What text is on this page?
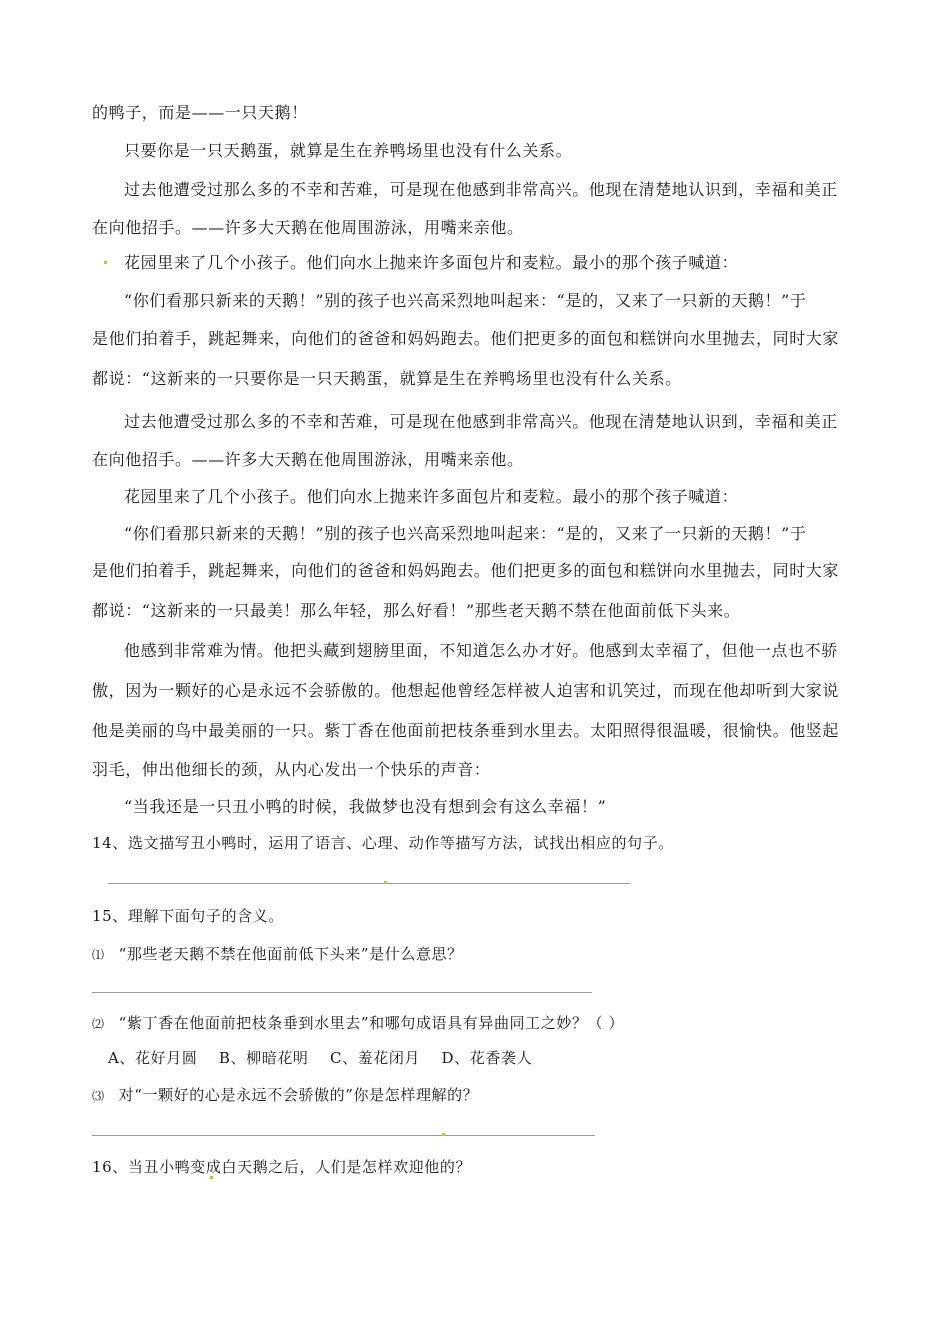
的鸭子，而是——一只天鹅！
只要你是一只天鹅蛋，就算是生在养鸭场里也没有什么关系。
过去他遭受过那么多的不幸和苦难，可是现在他感到非常高兴。他现在清楚地认识到，幸福和美正
在向他招手。——许多大天鹅在他周围游泳，用嘴来亲他。
花园里来了几个小孩子。他们向水上抛来许多面包片和麦粒。最小的那个孩子喊道：
“你们看那只新来的天鹅！”别的孩子也兴高采烈地叫起来：“是的，又来了一只新的天鹅！”于
是他们拍着手，跳起舞来，向他们的爸爸和妈妈跑去。他们把更多的面包和糕饼向水里抛去，同时大家
都说：“这新来的一只要你是一只天鹅蛋，就算是生在养鸭场里也没有什么关系。
过去他遭受过那么多的不幸和苦难，可是现在他感到非常高兴。他现在清楚地认识到，幸福和美正
在向他招手。——许多大天鹅在他周围游泳，用嘴来亲他。
花园里来了几个小孩子。他们向水上抛来许多面包片和麦粒。最小的那个孩子喊道：
“你们看那只新来的天鹅！”别的孩子也兴高采烈地叫起来：“是的，又来了一只新的天鹅！”于
是他们拍着手，跳起舞来，向他们的爸爸和妈妈跑去。他们把更多的面包和糕饼向水里抛去，同时大家
都说：“这新来的一只最美！那么年轻，那么好看！”那些老天鹅不禁在他面前低下头来。
他感到非常难为情。他把头藏到翅膀里面，不知道怎么办才好。他感到太幸福了，但他一点也不骄
傲，因为一颗好的心是永远不会骄傲的。他想起他曾经怎样被人迫害和讥笑过，而现在他却听到大家说
他是美丽的鸟中最美丽的一只。紫丁香在他面前把枝条垂到水里去。太阳照得很温暖，很愉快。他竖起
羽毛，伸出他细长的颈，从内心发出一个快乐的声音：
“当我还是一只丑小鸭的时候，我做梦也没有想到会有这么幸福！”
14、选文描写丑小鸭时，运用了语言、心理、动作等描写方法，试找出相应的句子。
15、理解下面句子的含义。
⑴ “那些老天鹅不禁在他面前低下头来”是什么意思？
⑵ “紫丁香在他面前把枝条垂到水里去”和哪句成语具有异曲同工之妙？（ ）
A、花好月圆    B、柳暗花明    C、羞花闭月    D、花香袭人
⑶ 对“一颗好的心是永远不会骄傲的”你是怎样理解的？
16、当丑小鸭变成白天鹅之后，人们是怎样欢迎他的？
